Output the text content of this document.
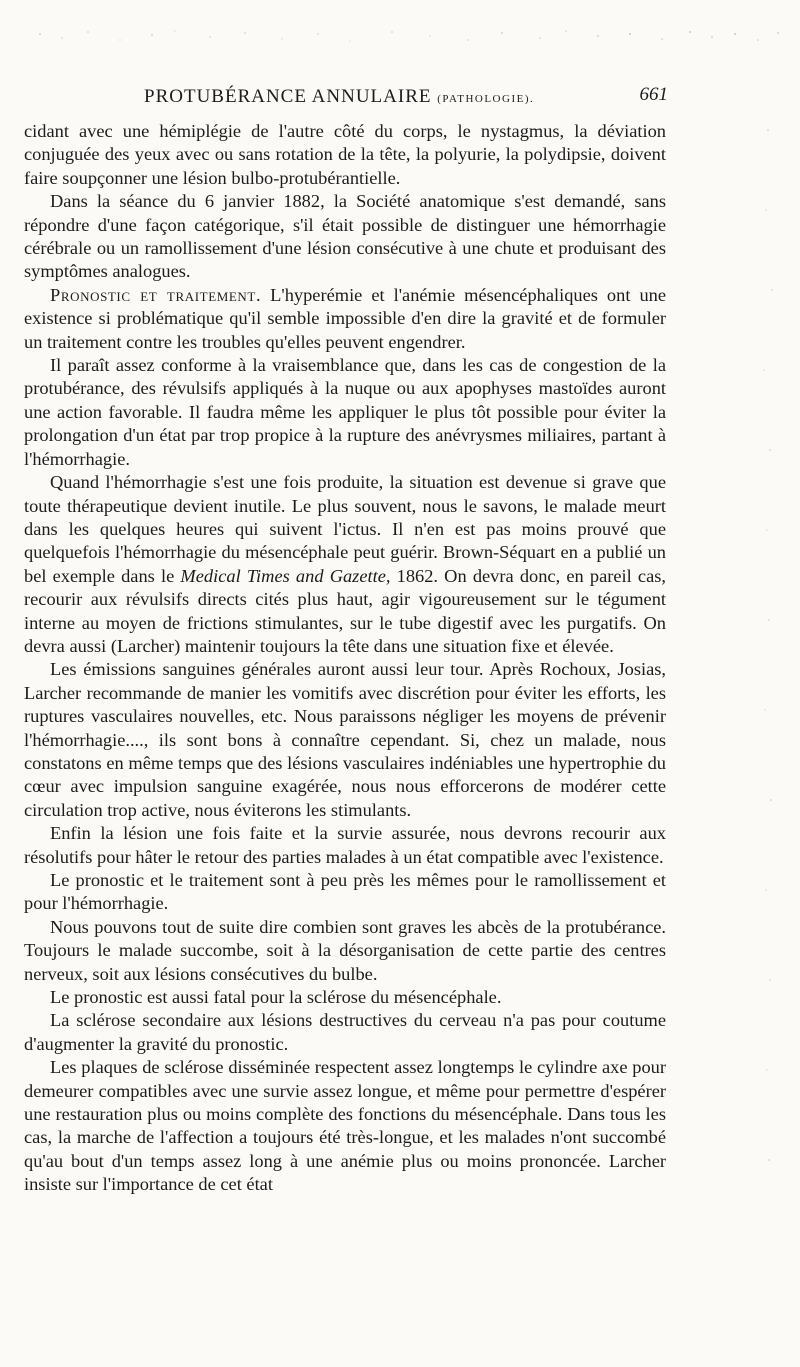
PROTUBÉRANCE ANNULAIRE (PATHOLOGIE).	661

cidant avec une hémiplégie de l'autre côté du corps, le nystagmus, la déviation conjuguée des yeux avec ou sans rotation de la tête, la polyurie, la polydipsie, doivent faire soupçonner une lésion bulbo-protubérantielle.

Dans la séance du 6 janvier 1882, la Société anatomique s'est demandé, sans répondre d'une façon catégorique, s'il était possible de distinguer une hémorrhagie cérébrale ou un ramollissement d'une lésion consécutive à une chute et produisant des symptômes analogues.

Pronostic et traitement. L'hyperémie et l'anémie mésencéphaliques ont une existence si problématique qu'il semble impossible d'en dire la gravité et de formuler un traitement contre les troubles qu'elles peuvent engendrer.

Il paraît assez conforme à la vraisemblance que, dans les cas de congestion de la protubérance, des révulsifs appliqués à la nuque ou aux apophyses mastoïdes auront une action favorable. Il faudra même les appliquer le plus tôt possible pour éviter la prolongation d'un état par trop propice à la rupture des anévrysmes miliaires, partant à l'hémorrhagie.

Quand l'hémorrhagie s'est une fois produite, la situation est devenue si grave que toute thérapeutique devient inutile. Le plus souvent, nous le savons, le malade meurt dans les quelques heures qui suivent l'ictus. Il n'en est pas moins prouvé que quelquefois l'hémorrhagie du mésencéphale peut guérir. Brown-Séquart en a publié un bel exemple dans le Medical Times and Gazette, 1862. On devra donc, en pareil cas, recourir aux révulsifs directs cités plus haut, agir vigoureusement sur le tégument interne au moyen de frictions stimulantes, sur le tube digestif avec les purgatifs. On devra aussi (Larcher) maintenir toujours la tête dans une situation fixe et élevée.

Les émissions sanguines générales auront aussi leur tour. Après Rochoux, Josias, Larcher recommande de manier les vomitifs avec discrétion pour éviter les efforts, les ruptures vasculaires nouvelles, etc. Nous paraissons négliger les moyens de prévenir l'hémorrhagie...., ils sont bons à connaître cependant. Si, chez un malade, nous constatons en même temps que des lésions vasculaires indéniables une hypertrophie du cœur avec impulsion sanguine exagérée, nous nous efforcerons de modérer cette circulation trop active, nous éviterons les stimulants.

Enfin la lésion une fois faite et la survie assurée, nous devrons recourir aux résolutifs pour hâter le retour des parties malades à un état compatible avec l'existence.

Le pronostic et le traitement sont à peu près les mêmes pour le ramollissement et pour l'hémorrhagie.

Nous pouvons tout de suite dire combien sont graves les abcès de la protubérance. Toujours le malade succombe, soit à la désorganisation de cette partie des centres nerveux, soit aux lésions consécutives du bulbe.

Le pronostic est aussi fatal pour la sclérose du mésencéphale.

La sclérose secondaire aux lésions destructives du cerveau n'a pas pour coutume d'augmenter la gravité du pronostic.

Les plaques de sclérose disséminée respectent assez longtemps le cylindre axe pour demeurer compatibles avec une survie assez longue, et même pour permettre d'espérer une restauration plus ou moins complète des fonctions du mésencéphale. Dans tous les cas, la marche de l'affection a toujours été très-longue, et les malades n'ont succombé qu'au bout d'un temps assez long à une anémie plus ou moins prononcée. Larcher insiste sur l'importance de cet état
